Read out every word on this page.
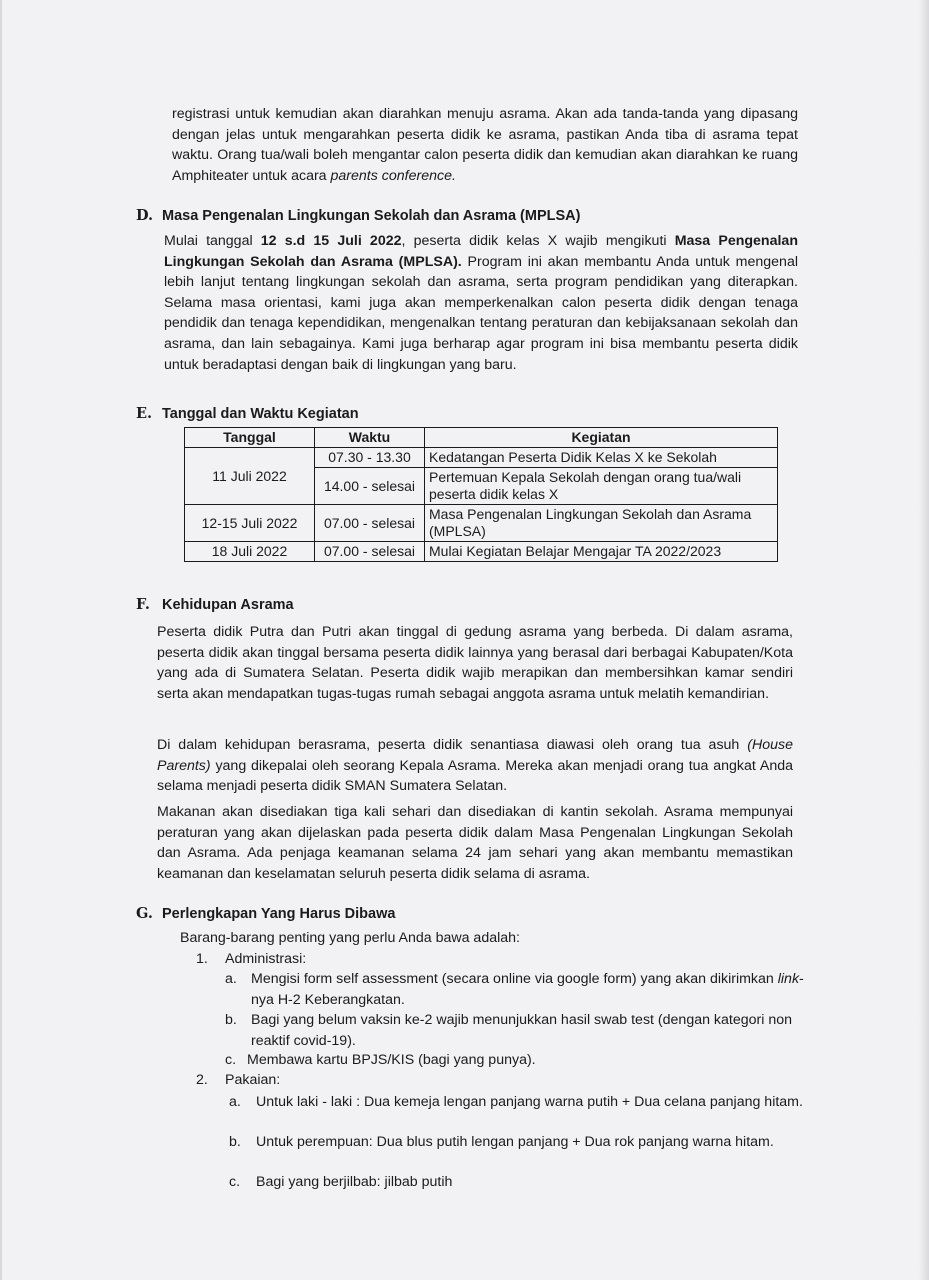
registrasi untuk kemudian akan diarahkan menuju asrama. Akan ada tanda-tanda yang dipasang dengan jelas untuk mengarahkan peserta didik ke asrama, pastikan Anda tiba di asrama tepat waktu. Orang tua/wali boleh mengantar calon peserta didik dan kemudian akan diarahkan ke ruang Amphiteater untuk acara parents conference.

D. Masa Pengenalan Lingkungan Sekolah dan Asrama (MPLSA)

Mulai tanggal 12 s.d 15 Juli 2022, peserta didik kelas X wajib mengikuti Masa Pengenalan Lingkungan Sekolah dan Asrama (MPLSA). Program ini akan membantu Anda untuk mengenal lebih lanjut tentang lingkungan sekolah dan asrama, serta program pendidikan yang diterapkan. Selama masa orientasi, kami juga akan memperkenalkan calon peserta didik dengan tenaga pendidik dan tenaga kependidikan, mengenalkan tentang peraturan dan kebijaksanaan sekolah dan asrama, dan lain sebagainya. Kami juga berharap agar program ini bisa membantu peserta didik untuk beradaptasi dengan baik di lingkungan yang baru.

E. Tanggal dan Waktu Kegiatan
Tanggal	Waktu	Kegiatan
11 Juli 2022	07.30 - 13.30	Kedatangan Peserta Didik Kelas X ke Sekolah
	14.00 - selesai	Pertemuan Kepala Sekolah dengan orang tua/wali peserta didik kelas X
12-15 Juli 2022	07.00 - selesai	Masa Pengenalan Lingkungan Sekolah dan Asrama (MPLSA)
18 Juli 2022	07.00 - selesai	Mulai Kegiatan Belajar Mengajar TA 2022/2023
F. Kehidupan Asrama

Peserta didik Putra dan Putri akan tinggal di gedung asrama yang berbeda. Di dalam asrama, peserta didik akan tinggal bersama peserta didik lainnya yang berasal dari berbagai Kabupaten/Kota yang ada di Sumatera Selatan. Peserta didik wajib merapikan dan membersihkan kamar sendiri serta akan mendapatkan tugas-tugas rumah sebagai anggota asrama untuk melatih kemandirian.

Di dalam kehidupan berasrama, peserta didik senantiasa diawasi oleh orang tua asuh (House Parents) yang dikepalai oleh seorang Kepala Asrama. Mereka akan menjadi orang tua angkat Anda selama menjadi peserta didik SMAN Sumatera Selatan.

Makanan akan disediakan tiga kali sehari dan disediakan di kantin sekolah. Asrama mempunyai peraturan yang akan dijelaskan pada peserta didik dalam Masa Pengenalan Lingkungan Sekolah dan Asrama. Ada penjaga keamanan selama 24 jam sehari yang akan membantu memastikan keamanan dan keselamatan seluruh peserta didik selama di asrama.

G. Perlengkapan Yang Harus Dibawa

Barang-barang penting yang perlu Anda bawa adalah:

1. Administrasi:

a. Mengisi form self assessment (secara online via google form) yang akan dikirimkan link-nya H-2 Keberangkatan.

b. Bagi yang belum vaksin ke-2 wajib menunjukkan hasil swab test (dengan kategori non reaktif covid-19).

c. Membawa kartu BPJS/KIS (bagi yang punya).

2. Pakaian:

a. Untuk laki - laki : Dua kemeja lengan panjang warna putih + Dua celana panjang hitam.

b. Untuk perempuan: Dua blus putih lengan panjang + Dua rok panjang warna hitam.

c. Bagi yang berjilbab: jilbab putih
